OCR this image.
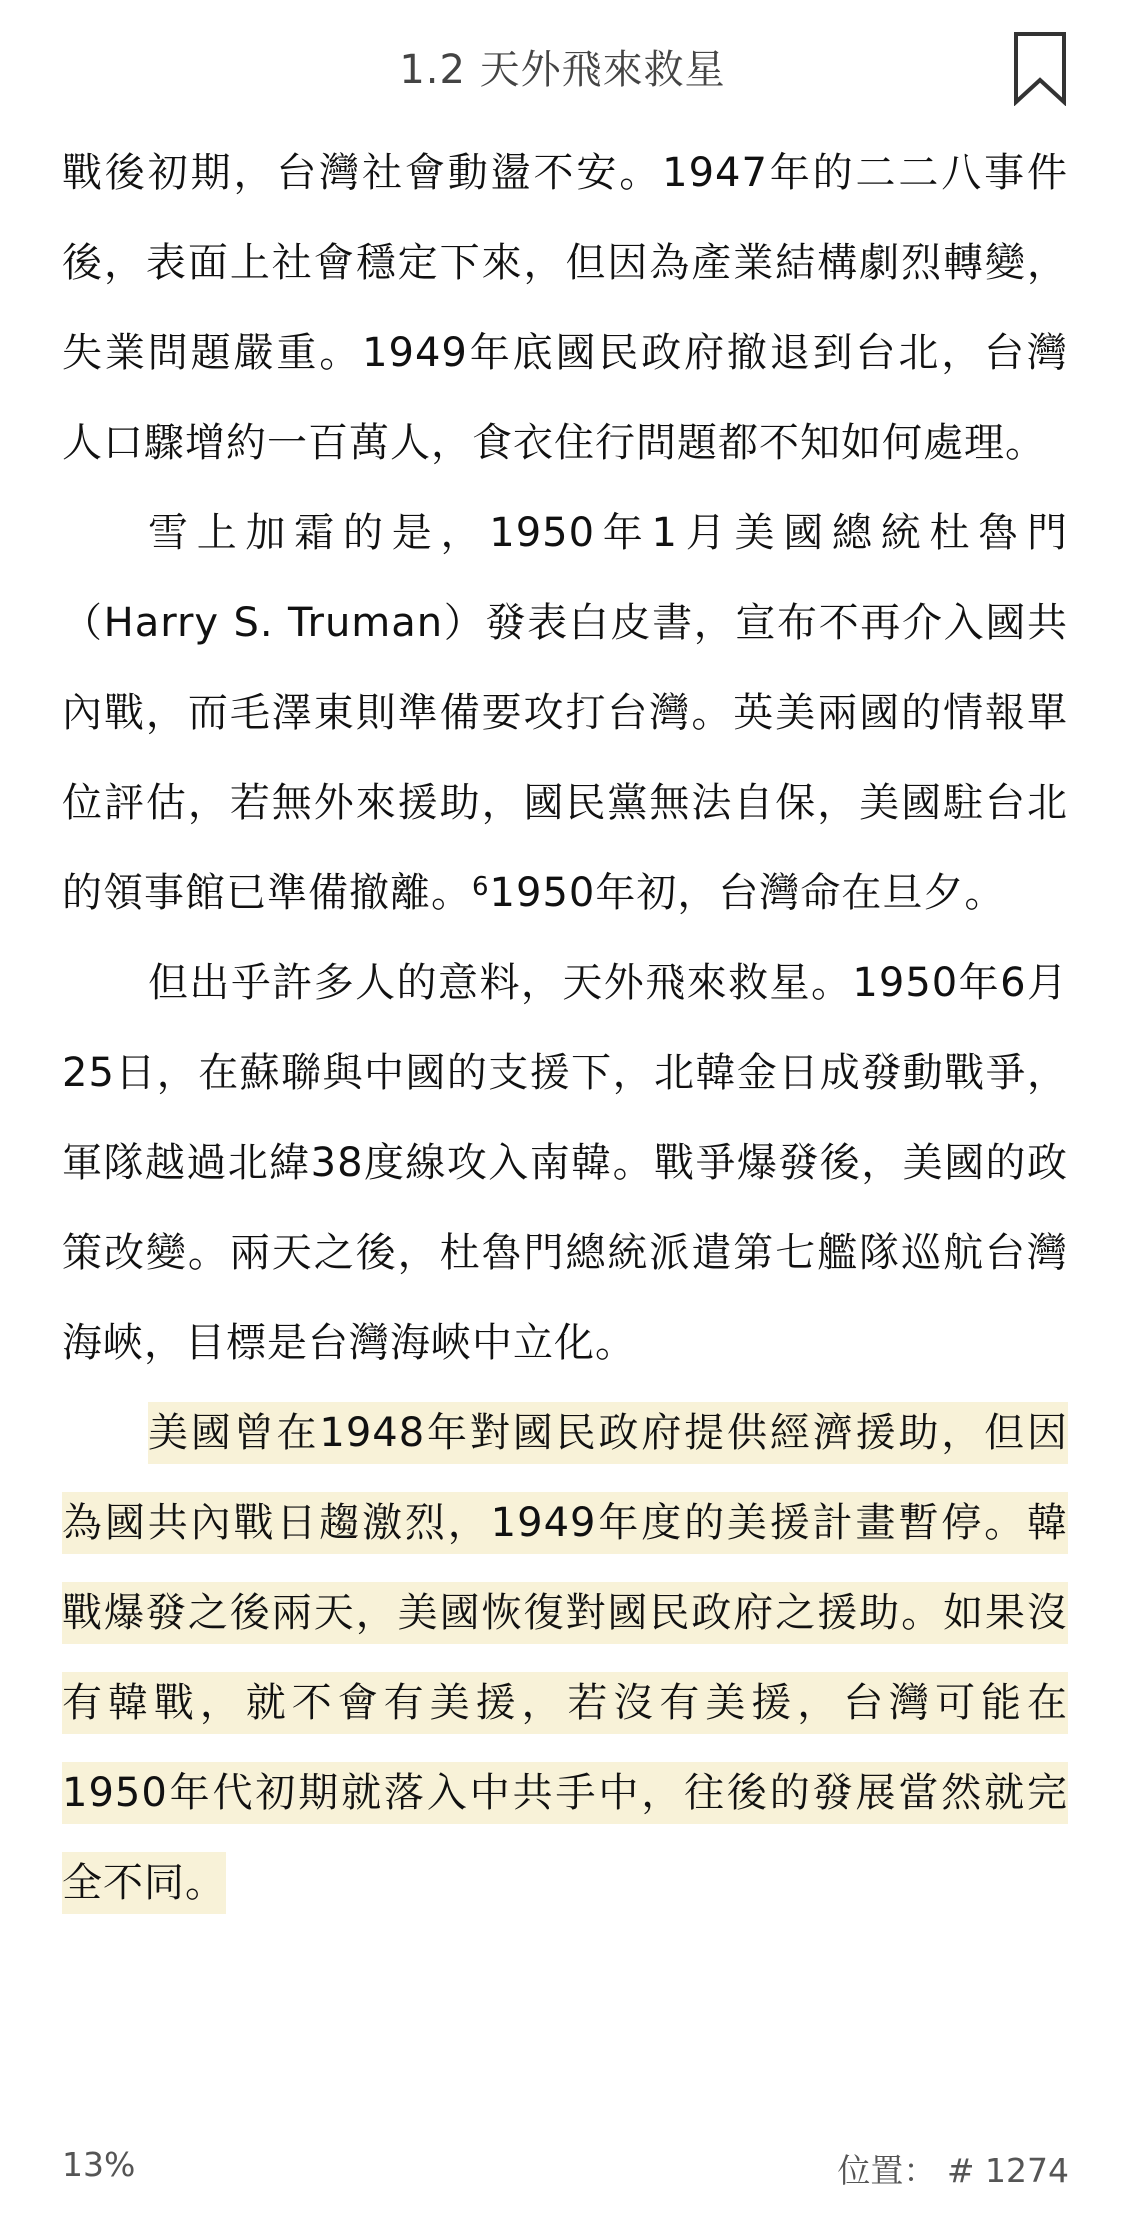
1.2 天外飛來救星

戰後初期，台灣社會動盪不安。1947年的二二八事件後，表面上社會穩定下來，但因為產業結構劇烈轉變，失業問題嚴重。1949年底國民政府撤退到台北，台灣人口驟增約一百萬人，食衣住行問題都不知如何處理。

雪上加霜的是，1950年1月美國總統杜魯門（Harry S. Truman）發表白皮書，宣布不再介入國共內戰，而毛澤東則準備要攻打台灣。英美兩國的情報單位評估，若無外來援助，國民黨無法自保，美國駐台北的領事館已準備撤離。$^6$1950年初，台灣命在旦夕。

但出乎許多人的意料，天外飛來救星。1950年6月25日，在蘇聯與中國的支援下，北韓金日成發動戰爭，軍隊越過北緯38度線攻入南韓。戰爭爆發後，美國的政策改變。兩天之後，杜魯門總統派遣第七艦隊巡航台灣海峽，目標是台灣海峽中立化。

美國曾在1948年對國民政府提供經濟援助，但因為國共內戰日趨激烈，1949年度的美援計畫暫停。韓戰爆發之後兩天，美國恢復對國民政府之援助。如果沒有韓戰，就不會有美援，若沒有美援，台灣可能在1950年代初期就落入中共手中，往後的發展當然就完全不同。

13%	位置： # 1274
